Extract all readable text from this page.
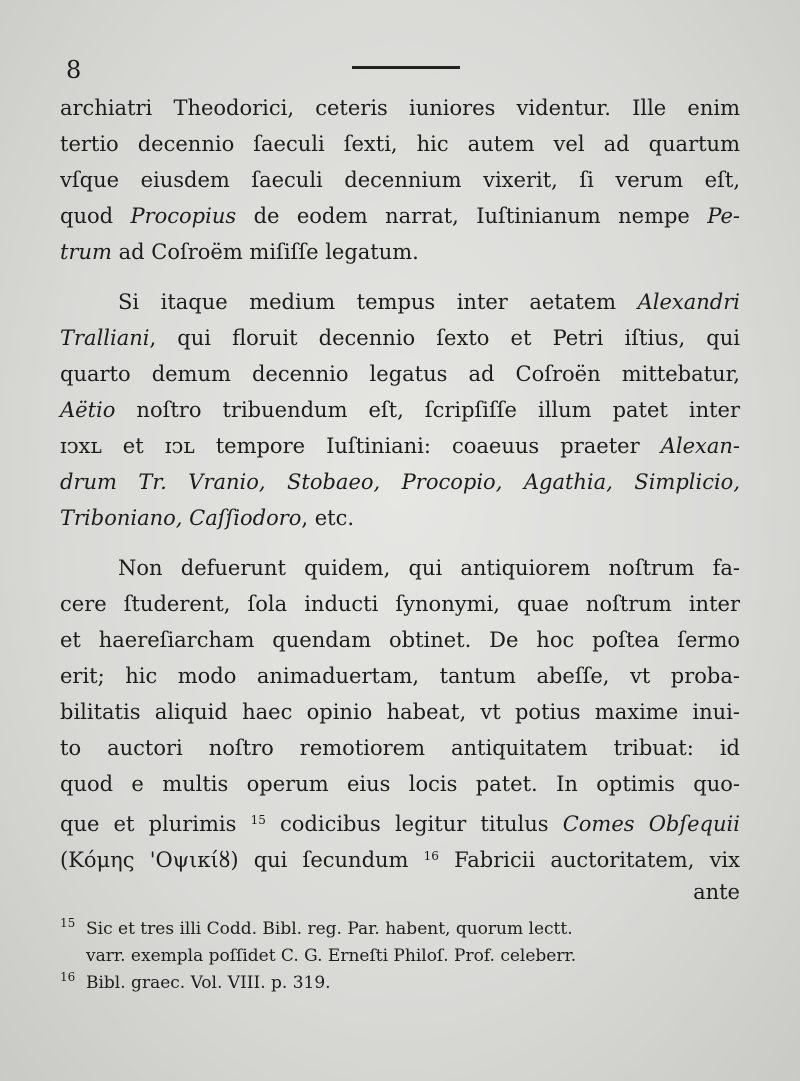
8
archiatri Theodorici, ceteris iuniores videntur. Ille enim
tertio decennio ſaeculi ſexti, hic autem vel ad quartum
vſque eiusdem ſaeculi decennium vixerit, ſi verum eſt,
quod Procopius de eodem narrat, Iuſtinianum nempe Pe-
trum ad Coſroëm miſiſſe legatum.
Si itaque medium tempus inter aetatem Alexandri
Tralliani, qui floruit decennio ſexto et Petri iſtius, qui
quarto demum decennio legatus ad Coſroën mittebatur,
Aëtio noſtro tribuendum eſt, ſcripſiſſe illum patet inter
ɪↄxʟ et ɪↄʟ tempore Iuſtiniani: coaeuus praeter Alexan-
drum Tr. Vranio, Stobaeo, Procopio, Agathia, Simplicio,
Triboniano, Caſſiodoro, etc.
Non defuerunt quidem, qui antiquiorem noſtrum fa-
cere ſtuderent, ſola inducti ſynonymi, quae noſtrum inter
et haereſiarcham quendam obtinet. De hoc poſtea ſermo
erit; hic modo animaduertam, tantum abeſſe, vt proba-
bilitatis aliquid haec opinio habeat, vt potius maxime inui-
to auctori noſtro remotiorem antiquitatem tribuat: id
quod e multis operum eius locis patet. In optimis quo-
que et plurimis $^{15}$ codicibus legitur titulus Comes Obſequii
(Κόμης 'Οψικίȣ) qui ſecundum $^{16}$ Fabricii auctoritatem, vix
ante
15 Sic et tres illi Codd. Bibl. reg. Par. habent, quorum lectt.
varr. exempla poſſidet C. G. Erneſti Philoſ. Prof. celeberr.
16 Bibl. graec. Vol. VIII. p. 319.
